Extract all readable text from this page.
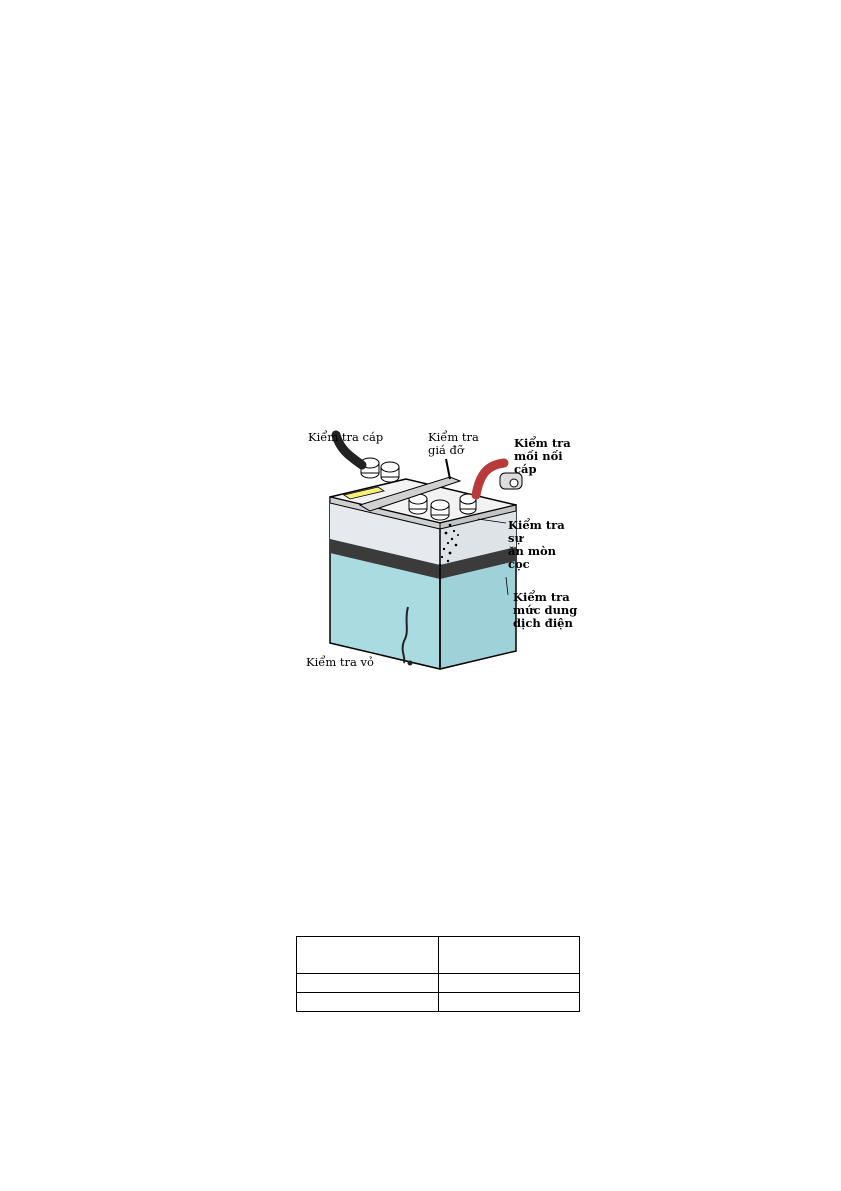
Kiểm tra cáp	Kiểm tra
giá đỡ	Kiểm tra
mối nối cáp
Kiểm tra sự
ăn mòn cọc
Kiểm tra
mức dung
dịch điện
Kiểm tra vỏ
